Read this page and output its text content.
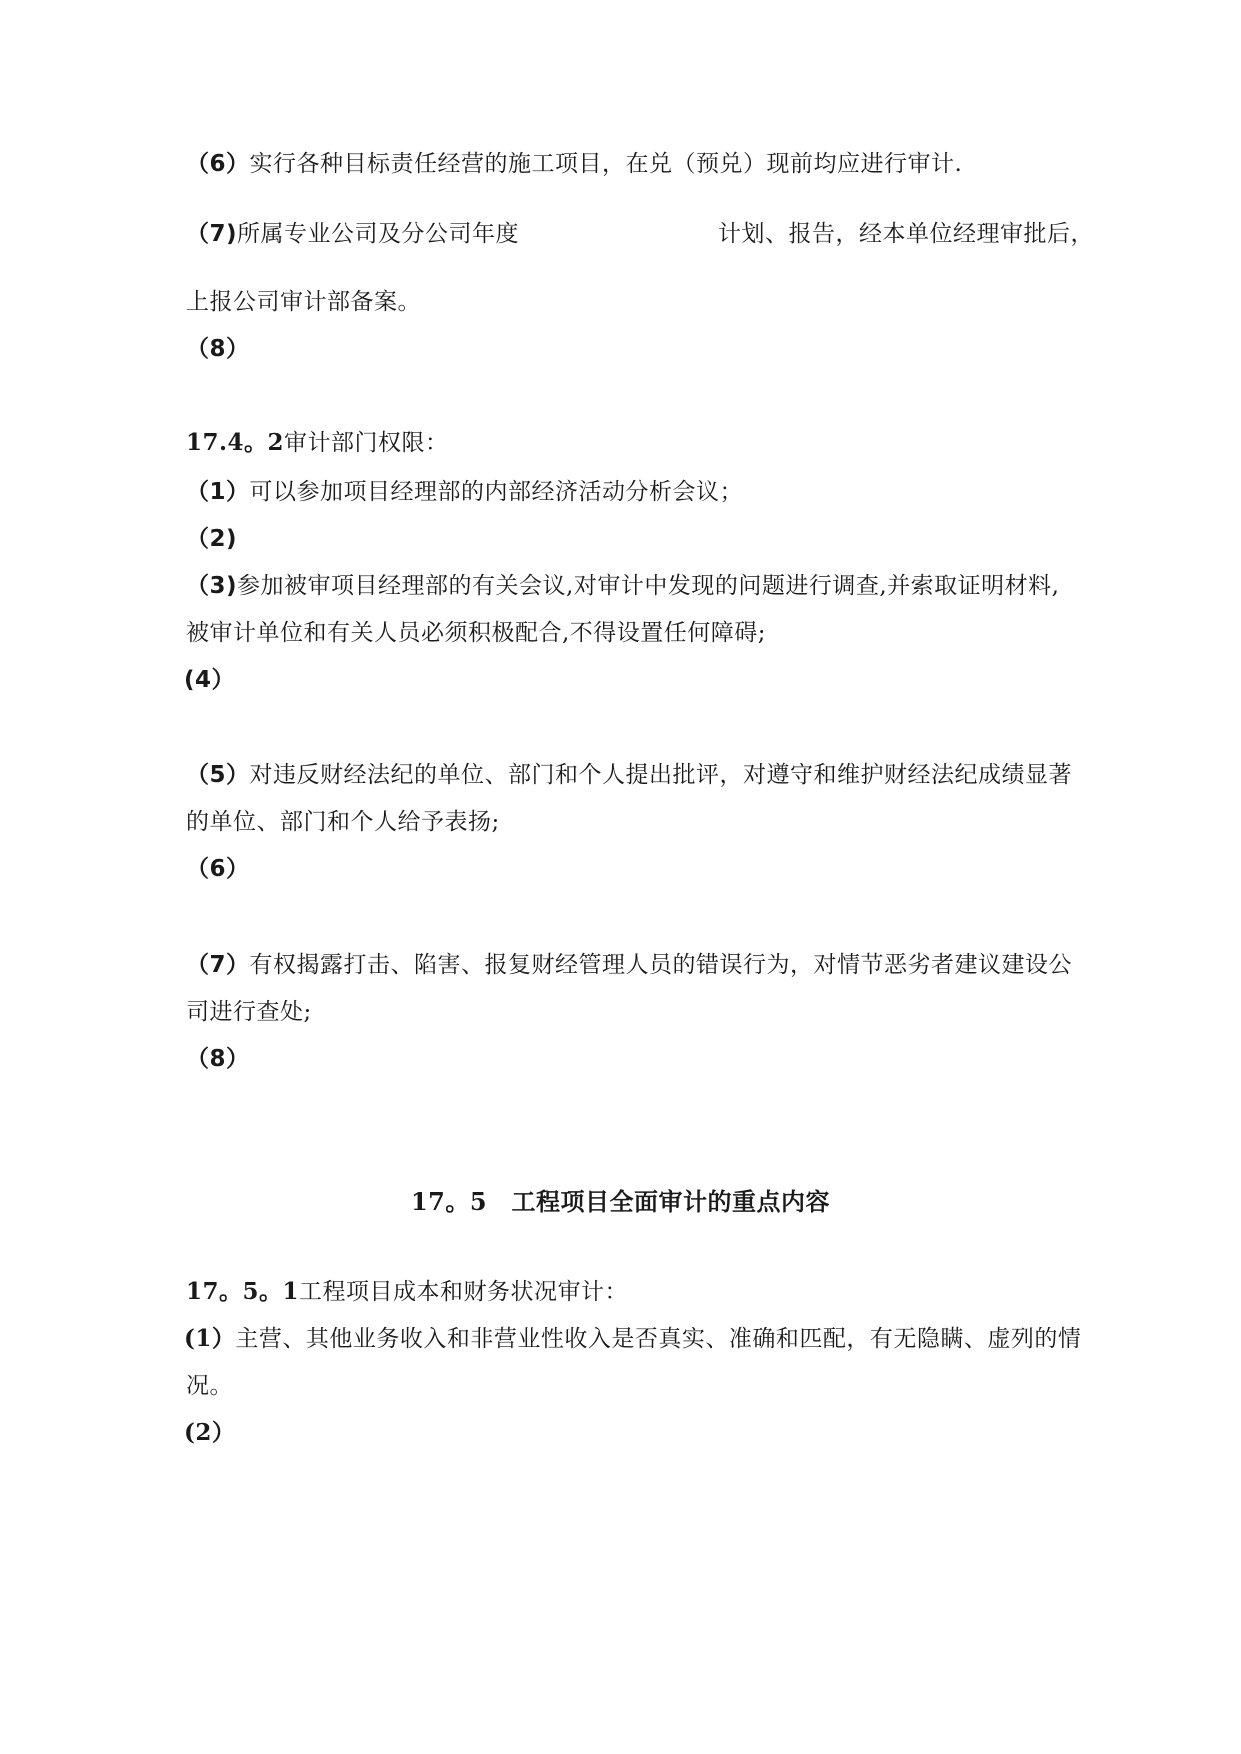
（6）实行各种目标责任经营的施工项目，在兑（预兑）现前均应进行审计.
（7)所属专业公司及分公司年度	计划、报告，经本单位经理审批后，
上报公司审计部备案。
（8）
17.4。2审计部门权限：
（1）可以参加项目经理部的内部经济活动分析会议；
（2)
（3)参加被审项目经理部的有关会议,对审计中发现的问题进行调查,并索取证明材料,
被审计单位和有关人员必须积极配合,不得设置任何障碍;
(4）
（5）对违反财经法纪的单位、部门和个人提出批评，对遵守和维护财经法纪成绩显著
的单位、部门和个人给予表扬;
（6）
（7）有权揭露打击、陷害、报复财经管理人员的错误行为，对情节恶劣者建议建设公
司进行查处;
（8）
17。5　工程项目全面审计的重点内容
17。5。1工程项目成本和财务状况审计：
(1）主营、其他业务收入和非营业性收入是否真实、准确和匹配，有无隐瞒、虚列的情
况。
(2）
